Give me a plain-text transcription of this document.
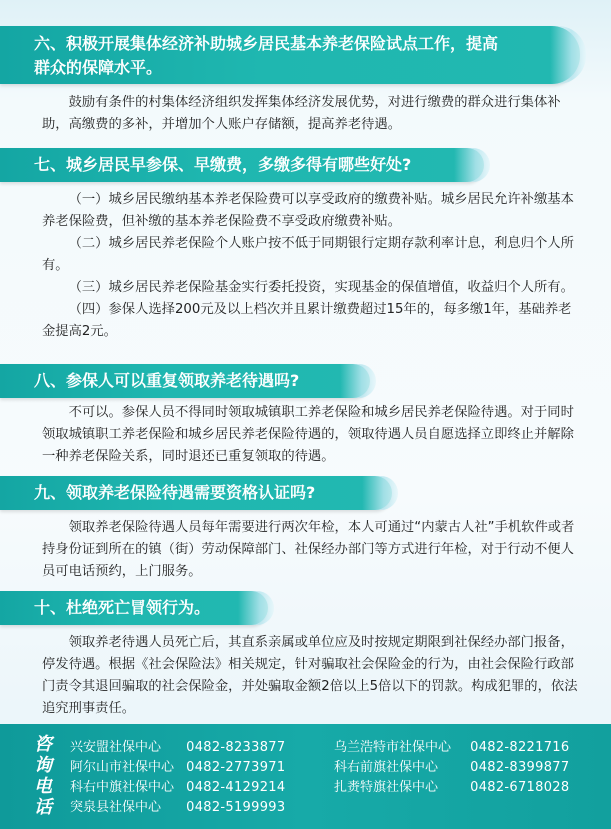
六、积极开展集体经济补助城乡居民基本养老保险试点工作，提高
群众的保障水平。

鼓励有条件的村集体经济组织发挥集体经济发展优势，对进行缴费的群众进行集体补助，高缴费的多补，并增加个人账户存储额，提高养老待遇。

七、城乡居民早参保、早缴费，多缴多得有哪些好处?

（一）城乡居民缴纳基本养老保险费可以享受政府的缴费补贴。城乡居民允许补缴基本养老保险费，但补缴的基本养老保险费不享受政府缴费补贴。

（二）城乡居民养老保险个人账户按不低于同期银行定期存款利率计息，利息归个人所有。

（三）城乡居民养老保险基金实行委托投资，实现基金的保值增值，收益归个人所有。

（四）参保人选择200元及以上档次并且累计缴费超过15年的，每多缴1年，基础养老金提高2元。

八、参保人可以重复领取养老待遇吗?

不可以。参保人员不得同时领取城镇职工养老保险和城乡居民养老保险待遇。对于同时领取城镇职工养老保险和城乡居民养老保险待遇的，领取待遇人员自愿选择立即终止并解除一种养老保险关系，同时退还已重复领取的待遇。

九、领取养老保险待遇需要资格认证吗?

领取养老保险待遇人员每年需要进行两次年检，本人可通过“内蒙古人社”手机软件或者持身份证到所在的镇（街）劳动保障部门、社保经办部门等方式进行年检，对于行动不便人员可电话预约，上门服务。

十、杜绝死亡冒领行为。

领取养老待遇人员死亡后，其直系亲属或单位应及时按规定期限到社保经办部门报备，停发待遇。根据《社会保险法》相关规定，针对骗取社会保险金的行为，由社会保险行政部门责令其退回骗取的社会保险金，并处骗取金额2倍以上5倍以下的罚款。构成犯罪的，依法追究刑事责任。

咨
询
电
话
兴安盟社保中心 0482-8233877
阿尔山市社保中心 0482-2773971
科右中旗社保中心 0482-4129214
突泉县社保中心 0482-5199993
乌兰浩特市社保中心 0482-8221716
科右前旗社保中心 0482-8399877
扎赉特旗社保中心 0482-6718028
